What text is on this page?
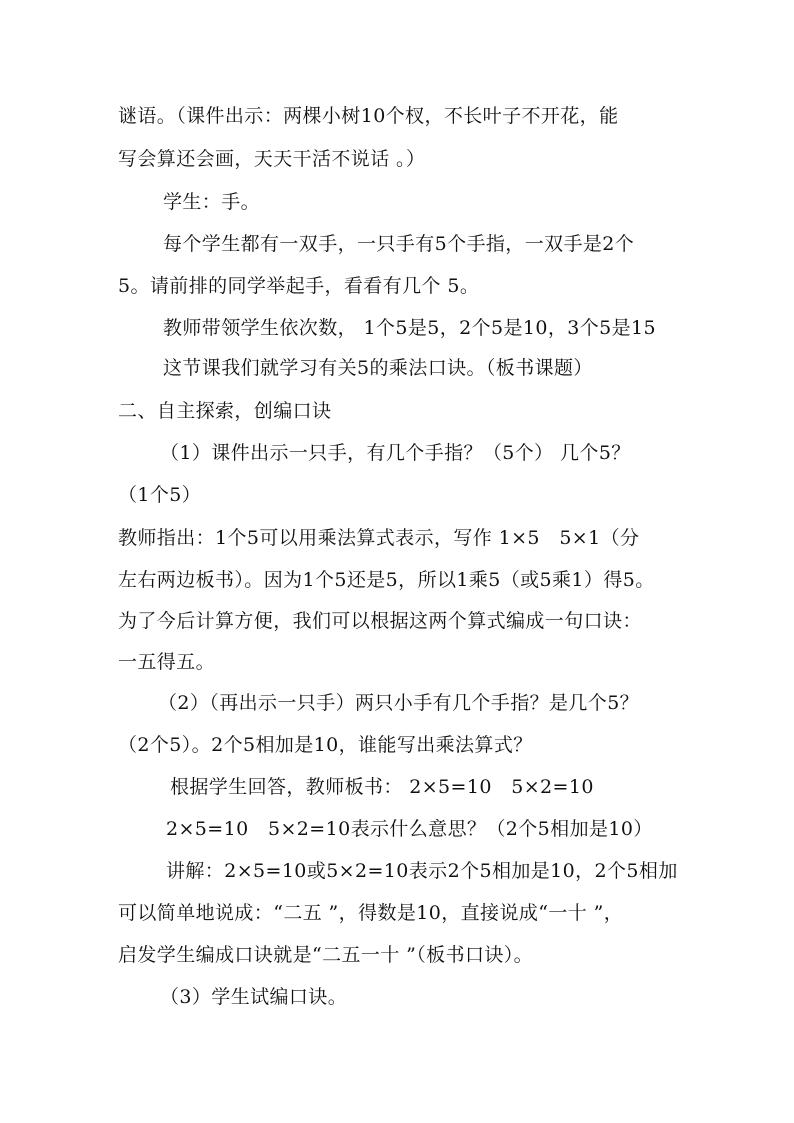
谜语。（课件出示：两棵小树10个杈，不长叶子不开花，能
写会算还会画，天天干活不说话 。）
学生：手。
每个学生都有一双手，一只手有5个手指，一双手是2个
5。请前排的同学举起手，看看有几个 5。
教师带领学生依次数， 1个5是5，2个5是10，3个5是15
这节课我们就学习有关5的乘法口诀。（板书课题）
二、自主探索，创编口诀
（1）课件出示一只手，有几个手指？（5个） 几个5？
（1个5）
教师指出：1个5可以用乘法算式表示，写作 1×5　5×1（分
左右两边板书）。因为1个5还是5，所以1乘5（或5乘1）得5。
为了今后计算方便，我们可以根据这两个算式编成一句口诀：
一五得五。
（2）（再出示一只手）两只小手有几个手指？是几个5？
（2个5）。2个5相加是10，谁能写出乘法算式？
根据学生回答，教师板书： 2×5=10　5×2=10
2×5=10　5×2=10表示什么意思？（2个5相加是10）
讲解：2×5=10或5×2=10表示2个5相加是10，2个5相加
可以简单地说成：“二五 ”，得数是10，直接说成“一十 ”，
启发学生编成口诀就是“二五一十 ”（板书口诀）。
（3）学生试编口诀。
